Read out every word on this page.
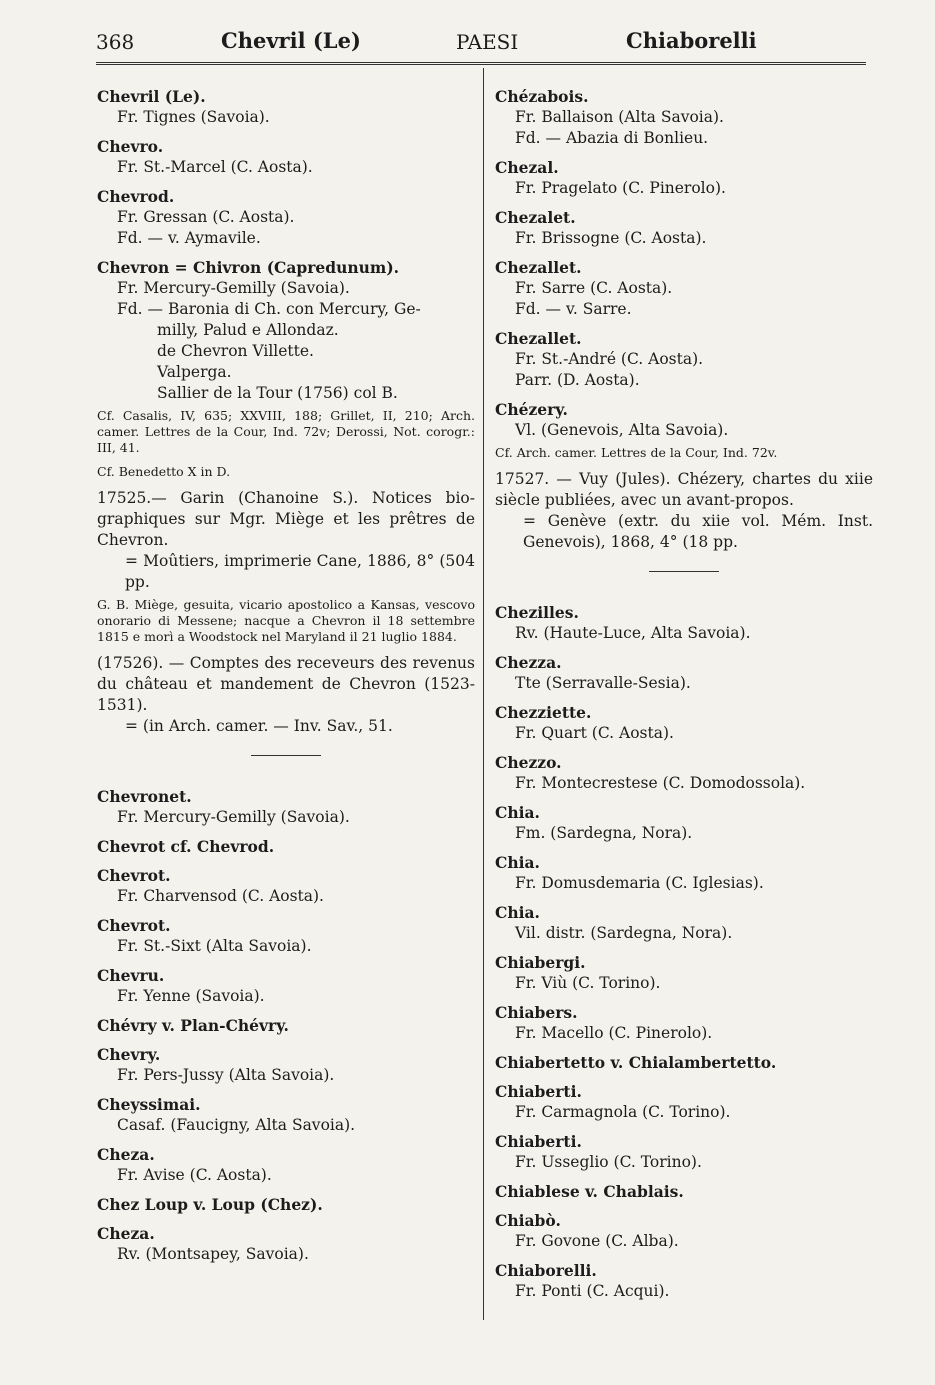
368	Chevril (Le)	PAESI	Chiaborelli
Chevril (Le).
Fr. Tignes (Savoia).
Chevro.
Fr. St.-Marcel (C. Aosta).
Chevrod.
Fr. Gressan (C. Aosta).
Fd. — v. Aymavile.
Chevron = Chivron (Capredunum).
Fr. Mercury-Gemilly (Savoia).
Fd. — Baronia di Ch. con Mercury, Ge-
milly, Palud e Allondaz.
de Chevron Villette.
Valperga.
Sallier de la Tour (1756) col B.
Cf. Casalis, IV, 635; XXVIII, 188; Grillet, II, 210; Arch. camer. Lettres de la Cour, Ind. 72v; Derossi, Not. corogr.: III, 41.
Cf. Benedetto X in D.
17525.— Garin (Chanoine S.). Notices bio-graphiques sur Mgr. Miège et les prêtres de Chevron.
= Moûtiers, imprimerie Cane, 1886, 8° (504 pp.
G. B. Miège, gesuita, vicario apostolico a Kansas, vescovo onorario di Messene; nacque a Chevron il 18 settembre 1815 e morì a Woodstock nel Maryland il 21 luglio 1884.
(17526). — Comptes des receveurs des revenus du château et mandement de Chevron (1523-1531).
= (in Arch. camer. — Inv. Sav., 51.
Chevronet.
Fr. Mercury-Gemilly (Savoia).
Chevrot cf. Chevrod.
Chevrot.
Fr. Charvensod (C. Aosta).
Chevrot.
Fr. St.-Sixt (Alta Savoia).
Chevru.
Fr. Yenne (Savoia).
Chévry v. Plan-Chévry.
Chevry.
Fr. Pers-Jussy (Alta Savoia).
Cheyssimai.
Casaf. (Faucigny, Alta Savoia).
Cheza.
Fr. Avise (C. Aosta).
Chez Loup v. Loup (Chez).
Cheza.
Rv. (Montsapey, Savoia).
Chézabois.
Fr. Ballaison (Alta Savoia).
Fd. — Abazia di Bonlieu.
Chezal.
Fr. Pragelato (C. Pinerolo).
Chezalet.
Fr. Brissogne (C. Aosta).
Chezallet.
Fr. Sarre (C. Aosta).
Fd. — v. Sarre.
Chezallet.
Fr. St.-André (C. Aosta).
Parr. (D. Aosta).
Chézery.
Vl. (Genevois, Alta Savoia).
Cf. Arch. camer. Lettres de la Cour, Ind. 72v.
17527. — Vuy (Jules). Chézery, chartes du xiie siècle publiées, avec un avant-propos.
= Genève (extr. du xiie vol. Mém. Inst. Genevois), 1868, 4° (18 pp.
Chezilles.
Rv. (Haute-Luce, Alta Savoia).
Chezza.
Tte (Serravalle-Sesia).
Chezziette.
Fr. Quart (C. Aosta).
Chezzo.
Fr. Montecrestese (C. Domodossola).
Chia.
Fm. (Sardegna, Nora).
Chia.
Fr. Domusdemaria (C. Iglesias).
Chia.
Vil. distr. (Sardegna, Nora).
Chiabergi.
Fr. Viù (C. Torino).
Chiabers.
Fr. Macello (C. Pinerolo).
Chiabertetto v. Chialambertetto.
Chiaberti.
Fr. Carmagnola (C. Torino).
Chiaberti.
Fr. Usseglio (C. Torino).
Chiablese v. Chablais.
Chiabò.
Fr. Govone (C. Alba).
Chiaborelli.
Fr. Ponti (C. Acqui).
